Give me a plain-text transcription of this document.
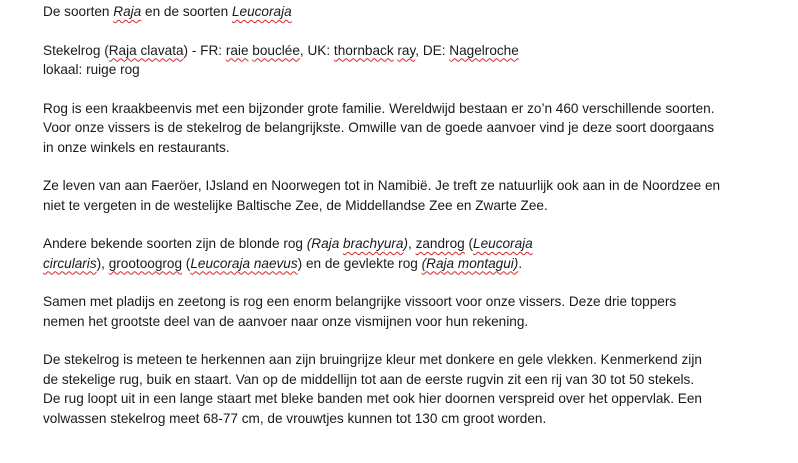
De soorten Raja en de soorten Leucoraja

Stekelrog (Raja clavata) - FR: raie bouclée, UK: thornback ray, DE: Nagelroche
lokaal: ruige rog

Rog is een kraakbeenvis met een bijzonder grote familie. Wereldwijd bestaan er zo’n 460 verschillende soorten.
Voor onze vissers is de stekelrog de belangrijkste. Omwille van de goede aanvoer vind je deze soort doorgaans
in onze winkels en restaurants.

Ze leven van aan Faeröer, IJsland en Noorwegen tot in Namibië. Je treft ze natuurlijk ook aan in de Noordzee en
niet te vergeten in de westelijke Baltische Zee, de Middellandse Zee en Zwarte Zee.

Andere bekende soorten zijn de blonde rog (Raja brachyura), zandrog (Leucoraja
circularis), grootoogrog (Leucoraja naevus) en de gevlekte rog (Raja montagui).

Samen met pladijs en zeetong is rog een enorm belangrijke vissoort voor onze vissers. Deze drie toppers
nemen het grootste deel van de aanvoer naar onze vismijnen voor hun rekening.

De stekelrog is meteen te herkennen aan zijn bruingrijze kleur met donkere en gele vlekken. Kenmerkend zijn
de stekelige rug, buik en staart. Van op de middellijn tot aan de eerste rugvin zit een rij van 30 tot 50 stekels.
De rug loopt uit in een lange staart met bleke banden met ook hier doornen verspreid over het oppervlak. Een
volwassen stekelrog meet 68-77 cm, de vrouwtjes kunnen tot 130 cm groot worden.
